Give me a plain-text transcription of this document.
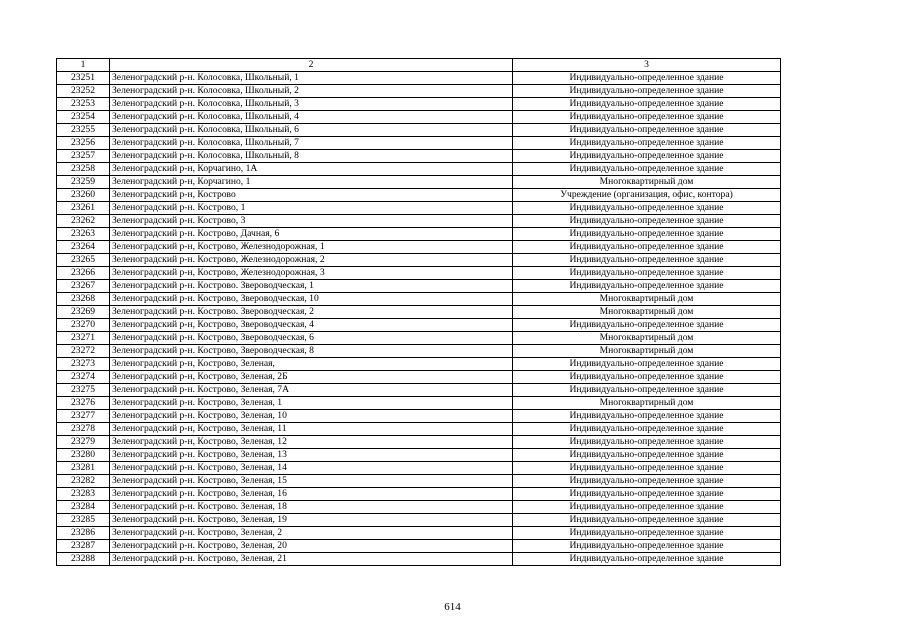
1	2	3
23251	Зеленоградский р-н. Колосовка, Школьный, 1	Индивидуально-определенное здание
23252	Зеленоградский р-н. Колосовка, Школьный, 2	Индивидуально-определенное здание
23253	Зеленоградский р-н. Колосовка, Школьный, 3	Индивидуально-определенное здание
23254	Зеленоградский р-н. Колосовка, Школьный, 4	Индивидуально-определенное здание
23255	Зеленоградский р-н. Колосовка, Школьный, 6	Индивидуально-определенное здание
23256	Зеленоградский р-н. Колосовка, Школьный, 7	Индивидуально-определенное здание
23257	Зеленоградский р-н. Колосовка, Школьный, 8	Индивидуально-определенное здание
23258	Зеленоградский р-н, Корчагино, 1А	Индивидуально-определенное здание
23259	Зеленоградский р-н, Корчагино, 1	Многоквартирный дом
23260	Зеленоградский р-н, Кострово	Учреждение (организация, офис, контора)
23261	Зеленоградский р-н. Кострово, 1	Индивидуально-определенное здание
23262	Зеленоградский р-н. Кострово, 3	Индивидуально-определенное здание
23263	Зеленоградский р-н. Кострово, Дачная, 6	Индивидуально-определенное здание
23264	Зеленоградский р-н, Кострово, Железнодорожная, 1	Индивидуально-определенное здание
23265	Зеленоградский р-н. Кострово, Железнодорожная, 2	Индивидуально-определенное здание
23266	Зеленоградский р-н, Кострово, Железнодорожная, 3	Индивидуально-определенное здание
23267	Зеленоградский р-н. Кострово. Звероводческая, 1	Индивидуально-определенное здание
23268	Зеленоградский р-н. Кострово, Звероводческая, 10	Многоквартирный дом
23269	Зеленоградский р-н. Кострово. Звероводческая, 2	Многоквартирный дом
23270	Зеленоградский р-н, Кострово, Звероводческая, 4	Индивидуально-определенное здание
23271	Зеленоградский р-н. Кострово, Звероводческая, 6	Многоквартирный дом
23272	Зеленоградский р-н. Кострово, Звероводческая, 8	Многоквартирный дом
23273	Зеленоградский р-н, Кострово, Зеленая,	Индивидуально-определенное здание
23274	Зеленоградский р-н, Кострово, Зеленая, 2Б	Индивидуально-определенное здание
23275	Зеленоградский р-н. Кострово, Зеленая, 7А	Индивидуально-определенное здание
23276	Зеленоградский р-н. Кострово, Зеленая, 1	Многоквартирный дом
23277	Зеленоградский р-н. Кострово, Зеленая, 10	Индивидуально-определенное здание
23278	Зеленоградский р-н, Кострово, Зеленая, 11	Индивидуально-определенное здание
23279	Зеленоградский р-н, Кострово, Зеленая, 12	Индивидуально-определенное здание
23280	Зеленоградский р-н. Кострово, Зеленая, 13	Индивидуально-определенное здание
23281	Зеленоградский р-н. Кострово, Зеленая, 14	Индивидуально-определенное здание
23282	Зеленоградский р-н. Кострово, Зеленая, 15	Индивидуально-определенное здание
23283	Зеленоградский р-н. Кострово, Зеленая, 16	Индивидуально-определенное здание
23284	Зеленоградский р-н. Кострово. Зеленая, 18	Индивидуально-определенное здание
23285	Зеленоградский р-н. Кострово, Зеленая, 19	Индивидуально-определенное здание
23286	Зеленоградский р-н. Кострово, Зеленая, 2	Индивидуально-определенное здание
23287	Зеленоградский р-н. Кострово, Зеленая, 20	Индивидуально-определенное здание
23288	Зеленоградский р-н. Кострово, Зеленая, 21	Индивидуально-определенное здание
614
